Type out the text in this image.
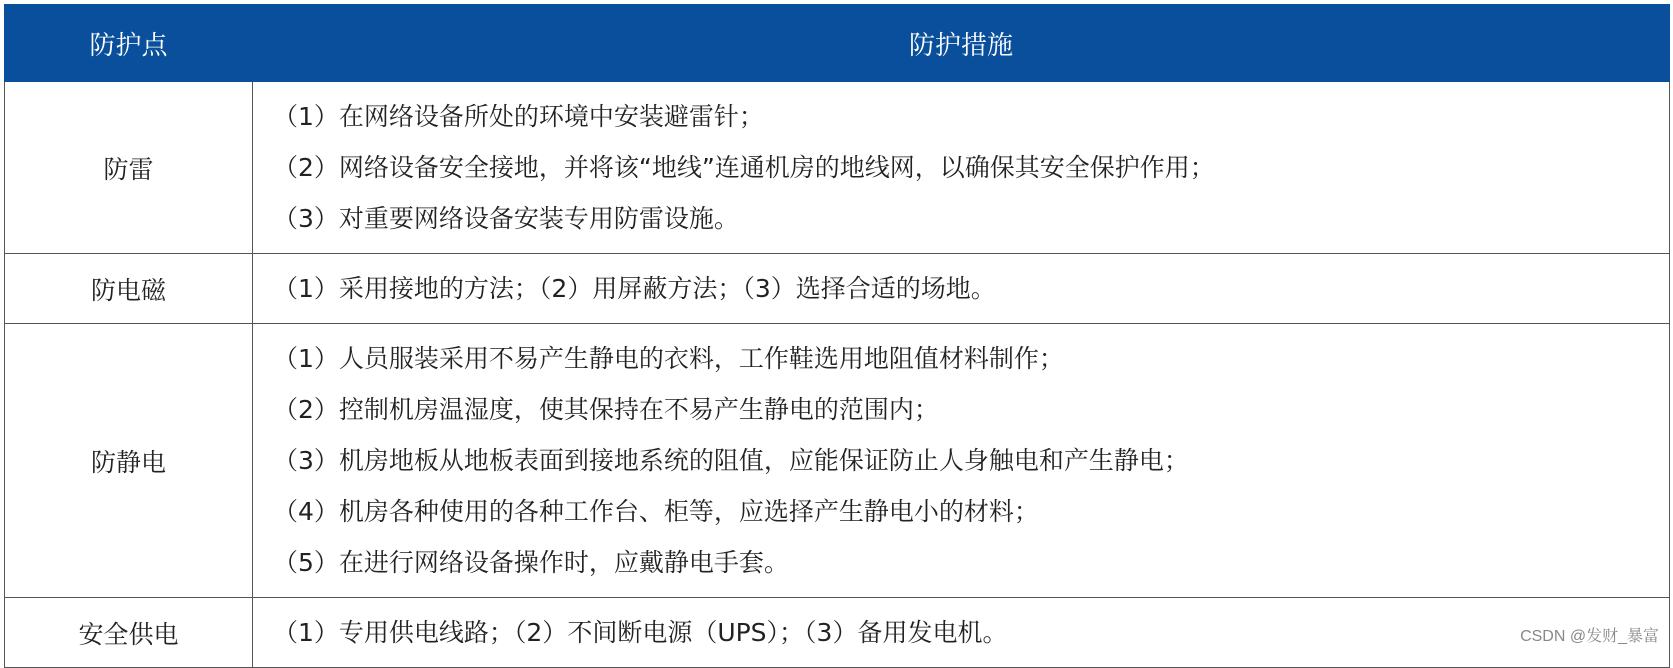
防护点	防护措施
防雷	（1）在网络设备所处的环境中安装避雷针；
（2）网络设备安全接地，并将该“地线”连通机房的地线网，以确保其安全保护作用；
（3）对重要网络设备安装专用防雷设施。

防电磁	（1）采用接地的方法；（2）用屏蔽方法；（3）选择合适的场地。

防静电	（1）人员服装采用不易产生静电的衣料，工作鞋选用地阻值材料制作；
（2）控制机房温湿度，使其保持在不易产生静电的范围内；
（3）机房地板从地板表面到接地系统的阻值，应能保证防止人身触电和产生静电；
（4）机房各种使用的各种工作台、柜等，应选择产生静电小的材料；
（5）在进行网络设备操作时，应戴静电手套。

安全供电	（1）专用供电线路；（2）不间断电源（UPS）；（3）备用发电机。	CSDN @发财_暴富
